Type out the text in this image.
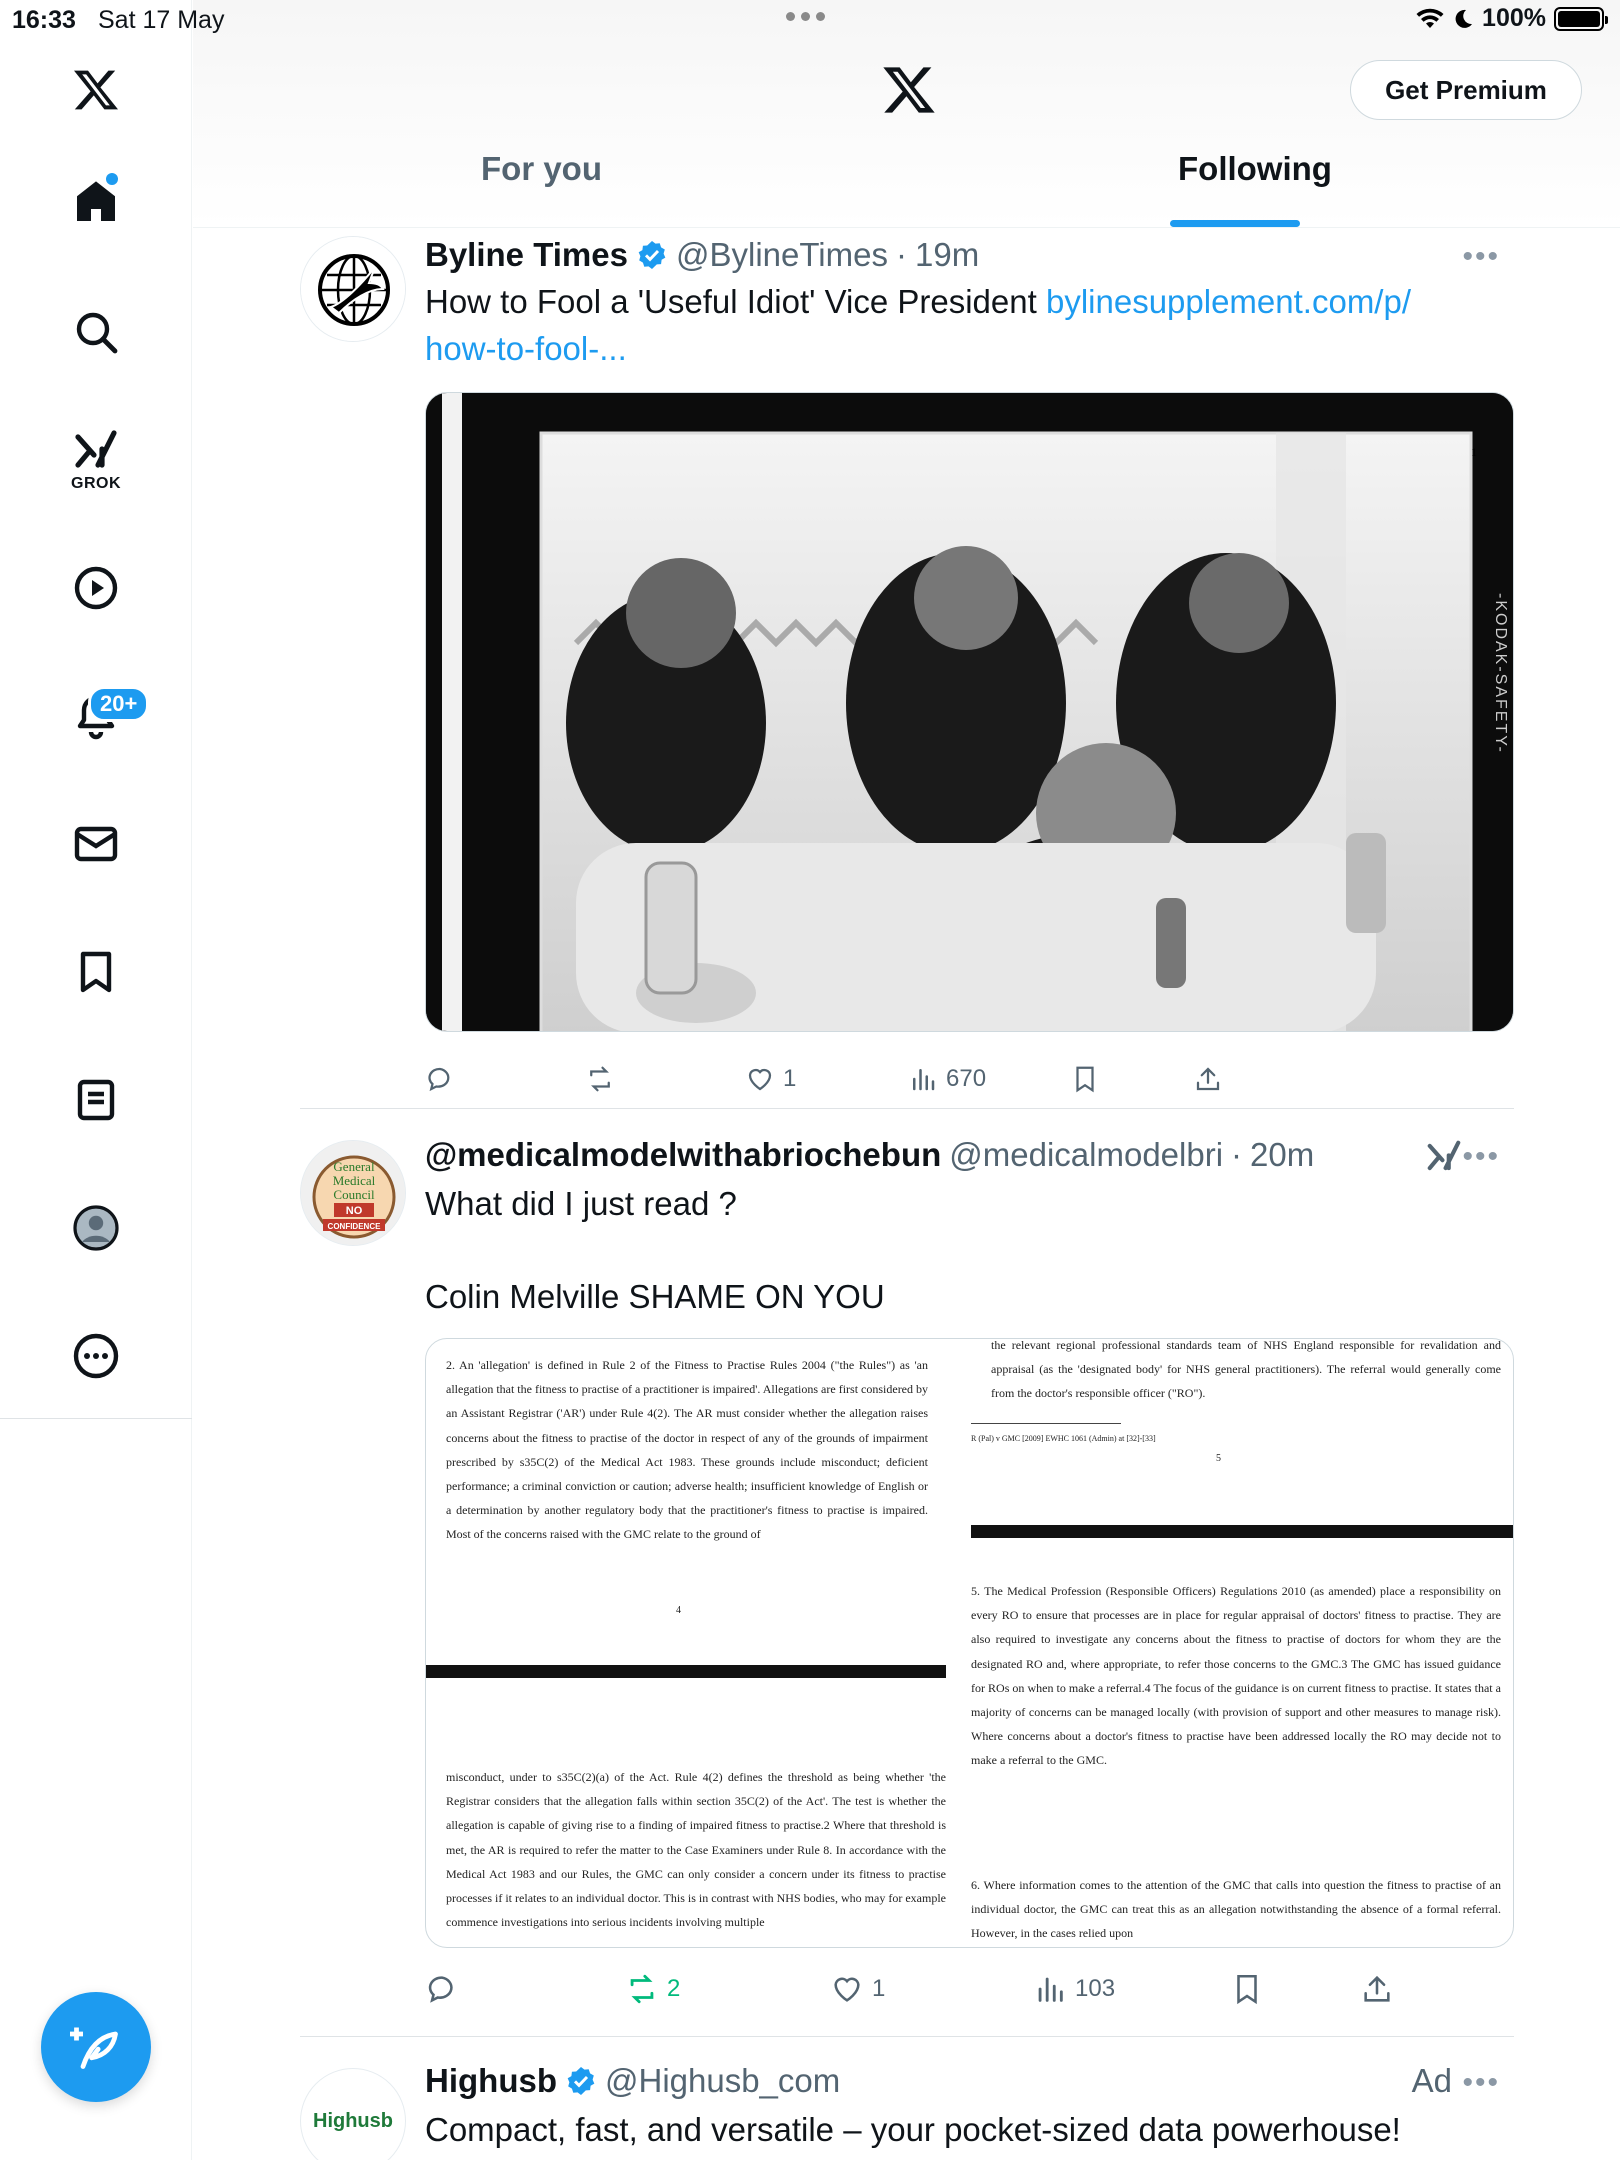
16:33 Sat 17 May	100%
GROK
20+
Get Premium
For you	Following
Byline Times @BylineTimes · 19m	•••
How to Fool a 'Useful Idiot' Vice President bylinesupplement.com/p/
how-to-fool-...
1
-KODAK-SAFETY-
1	670
General
Medical
Council
NO
CONFIDENCE
@medicalmodelwithabriochebun @medicalmodelbri · 20m	•••
What did I just read ?
Colin Melville SHAME ON YOU
2. An 'allegation' is defined in Rule 2 of the Fitness to Practise Rules 2004 ("the Rules") as 'an allegation that the fitness to practise of a practitioner is impaired'. Allegations are first considered by an Assistant Registrar ('AR') under Rule 4(2). The AR must consider whether the allegation raises concerns about the fitness to practise of the doctor in respect of any of the grounds of impairment prescribed by s35C(2) of the Medical Act 1983. These grounds include misconduct; deficient performance; a criminal conviction or caution; adverse health; insufficient knowledge of English or a determination by another regulatory body that the practitioner's fitness to practise is impaired. Most of the concerns raised with the GMC relate to the ground of
4
misconduct, under to s35C(2)(a) of the Act. Rule 4(2) defines the threshold as being whether 'the Registrar considers that the allegation falls within section 35C(2) of the Act'. The test is whether the allegation is capable of giving rise to a finding of impaired fitness to practise.2 Where that threshold is met, the AR is required to refer the matter to the Case Examiners under Rule 8. In accordance with the Medical Act 1983 and our Rules, the GMC can only consider a concern under its fitness to practise processes if it relates to an individual doctor. This is in contrast with NHS bodies, who may for example commence investigations into serious incidents involving multiple
the relevant regional professional standards team of NHS England responsible for revalidation and appraisal (as the 'designated body' for NHS general practitioners). The referral would generally come from the doctor's responsible officer ("RO").
R (Pal) v GMC [2009] EWHC 1061 (Admin) at [32]-[33]
5
5. The Medical Profession (Responsible Officers) Regulations 2010 (as amended) place a responsibility on every RO to ensure that processes are in place for regular appraisal of doctors' fitness to practise. They are also required to investigate any concerns about the fitness to practise of doctors for whom they are the designated RO and, where appropriate, to refer those concerns to the GMC.3 The GMC has issued guidance for ROs on when to make a referral.4 The focus of the guidance is on current fitness to practise. It states that a majority of concerns can be managed locally (with provision of support and other measures to manage risk). Where concerns about a doctor's fitness to practise have been addressed locally the RO may decide not to make a referral to the GMC.
6. Where information comes to the attention of the GMC that calls into question the fitness to practise of an individual doctor, the GMC can treat this as an allegation notwithstanding the absence of a formal referral. However, in the cases relied upon
2	1	103
Highusb
Highusb @Highusb_com	Ad •••
Compact, fast, and versatile – your pocket-sized data powerhouse!
